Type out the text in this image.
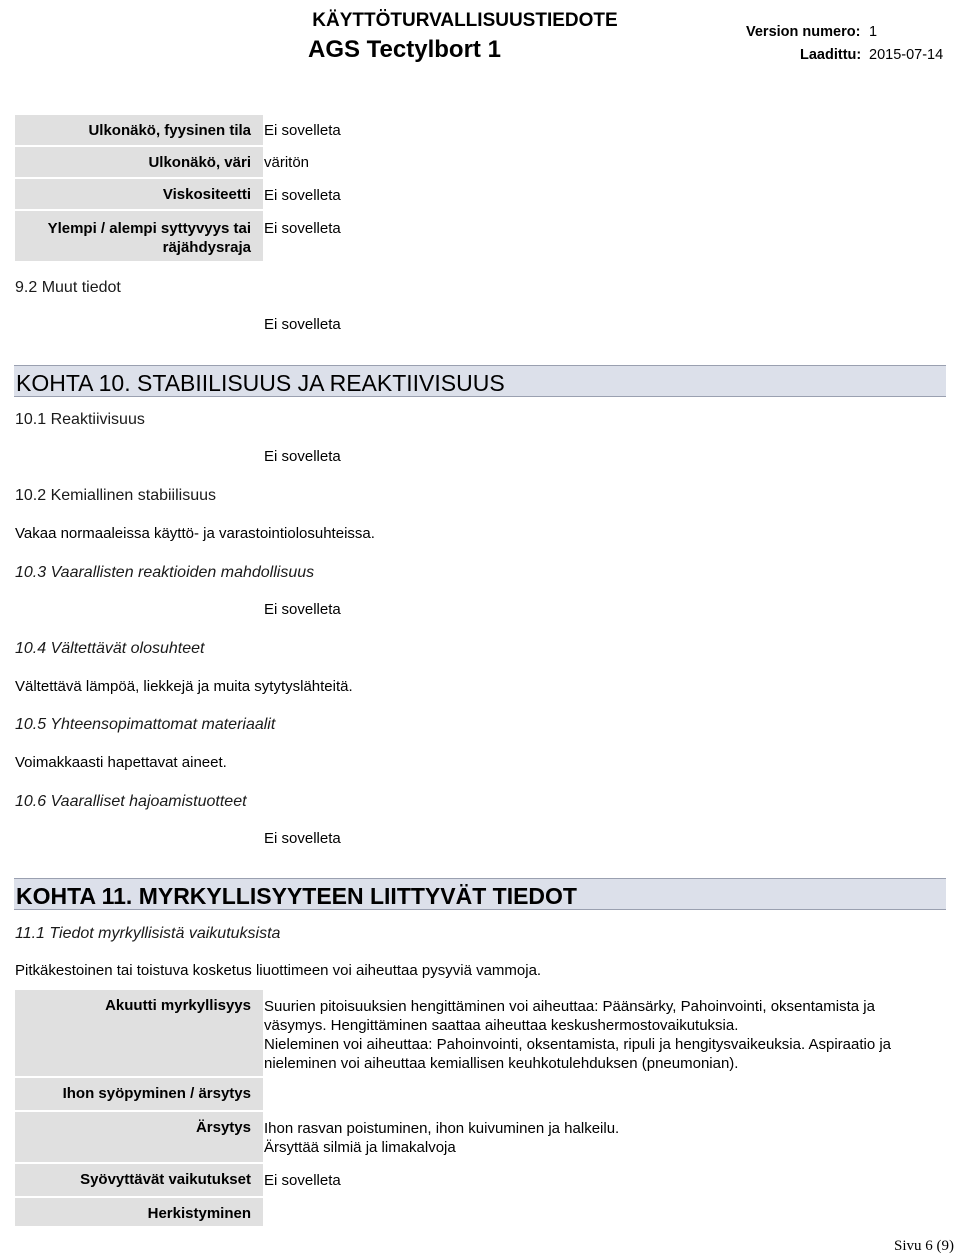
KÄYTTÖTURVALLISUUSTIEDOTE
AGS Tectylbort 1
Version numero: 1
Laadittu: 2015-07-14
Ulkonäkö, fyysinen tila Ei sovelleta
Ulkonäkö, väri väritön
Viskositeetti Ei sovelleta
Ylempi / alempi syttyvyys tai
räjähdysraja
Ei sovelleta
9.2 Muut tiedot
Ei sovelleta
KOHTA 10. STABIILISUUS JA REAKTIIVISUUS
10.1 Reaktiivisuus
Ei sovelleta
10.2 Kemiallinen stabiilisuus
Vakaa normaaleissa käyttö- ja varastointiolosuhteissa.
10.3 Vaarallisten reaktioiden mahdollisuus
Ei sovelleta
10.4 Vältettävät olosuhteet
Vältettävä lämpöä, liekkejä ja muita sytytyslähteitä.
10.5 Yhteensopimattomat materiaalit
Voimakkaasti hapettavat aineet.
10.6 Vaaralliset hajoamistuotteet
Ei sovelleta
KOHTA 11. MYRKYLLISYYTEEN LIITTYVÄT TIEDOT
11.1 Tiedot myrkyllisistä vaikutuksista
Pitkäkestoinen tai toistuva kosketus liuottimeen voi aiheuttaa pysyviä vammoja.
Akuutti myrkyllisyys Suurien pitoisuuksien hengittäminen voi aiheuttaa: Päänsärky, Pahoinvointi, oksentamista ja
väsymys. Hengittäminen saattaa aiheuttaa keskushermostovaikutuksia.
Nieleminen voi aiheuttaa: Pahoinvointi, oksentamista, ripuli ja hengitysvaikeuksia. Aspiraatio ja
nieleminen voi aiheuttaa kemiallisen keuhkotulehduksen (pneumonian).
Ihon syöpyminen / ärsytys
Ärsytys Ihon rasvan poistuminen, ihon kuivuminen ja halkeilu.
Ärsyttää silmiä ja limakalvoja
Syövyttävät vaikutukset Ei sovelleta
Herkistyminen
Sivu 6 (9)
